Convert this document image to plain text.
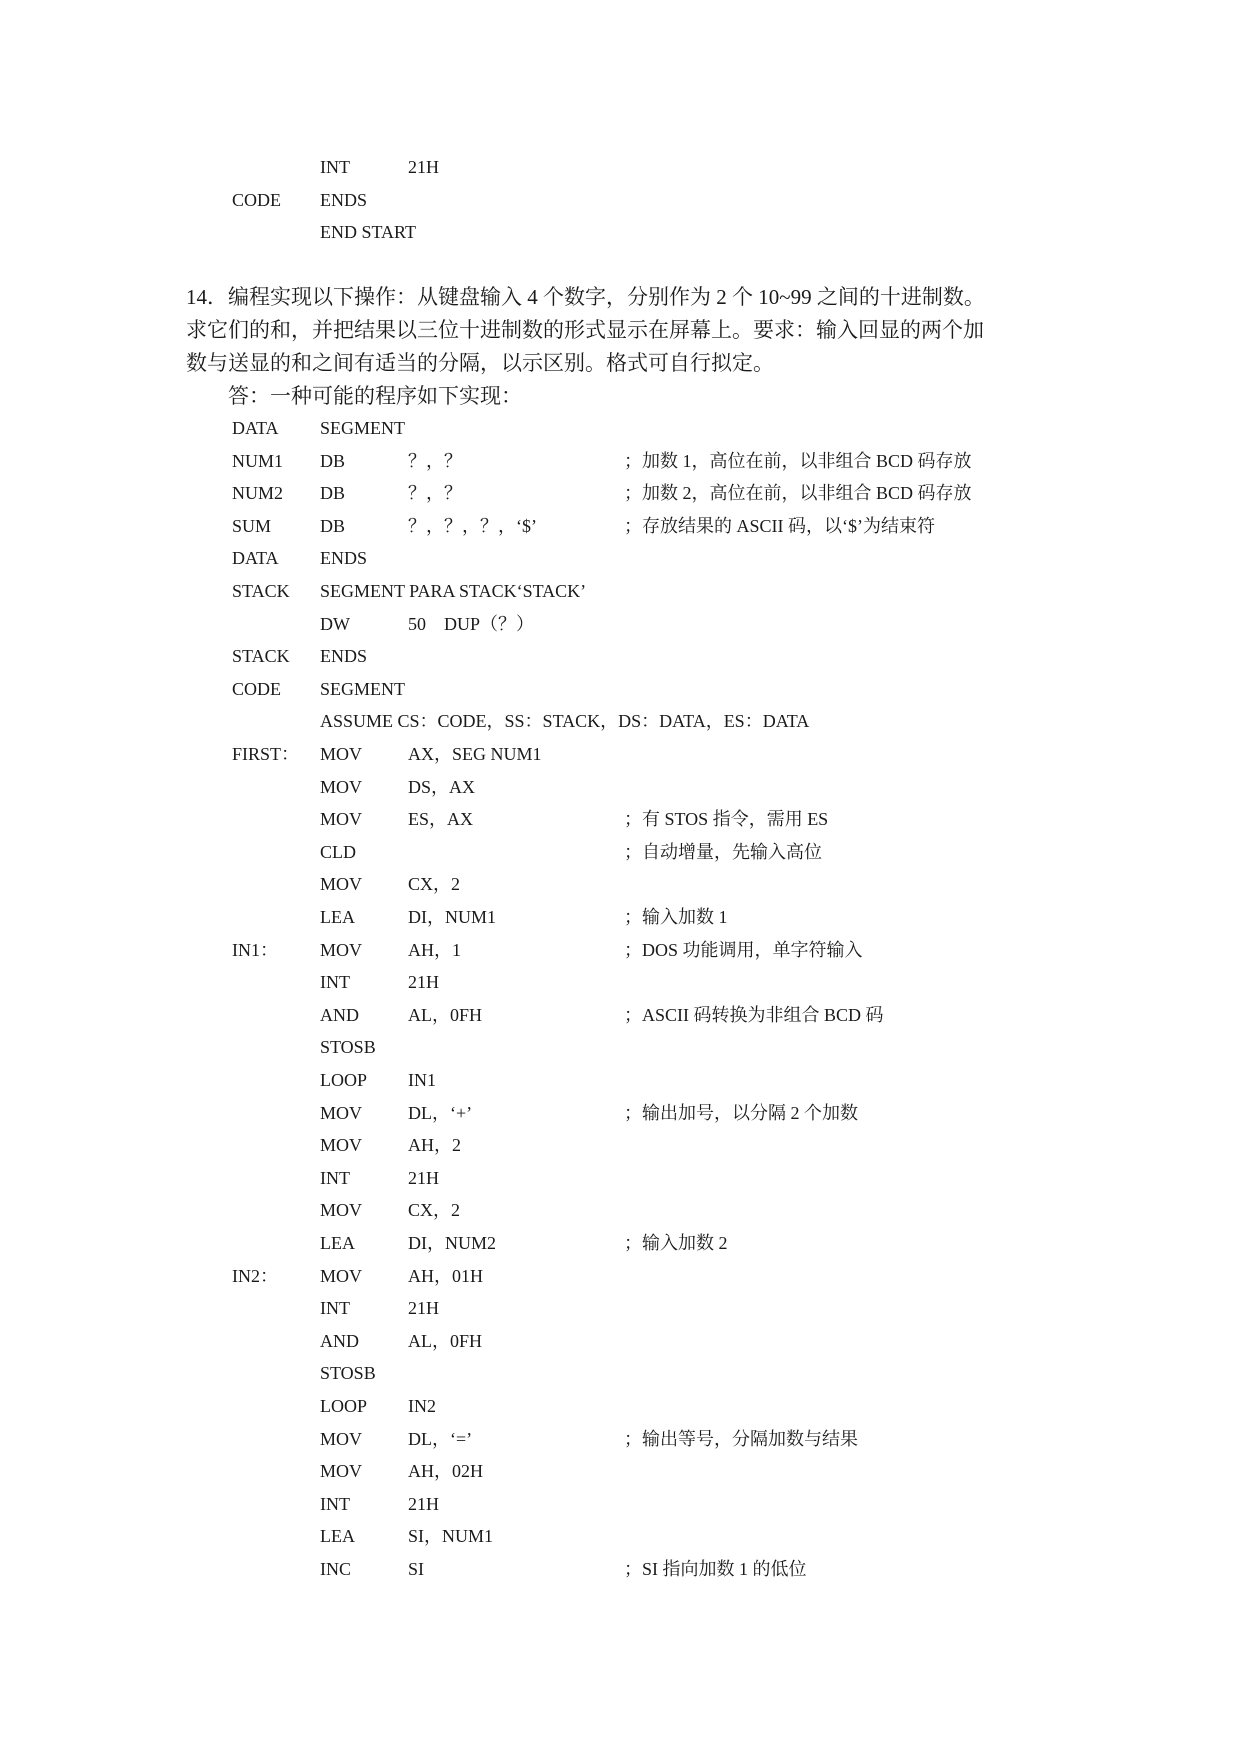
INT	21H
CODE ENDS
END START
14．编程实现以下操作：从键盘输入 4 个数字，分别作为 2 个 10~99 之间的十进制数。
求它们的和，并把结果以三位十进制数的形式显示在屏幕上。要求：输入回显的两个加
数与送显的和之间有适当的分隔，以示区别。格式可自行拟定。
答：一种可能的程序如下实现：
DATA SEGMENT
NUM1 DB	？，？	；加数 1，高位在前，以非组合 BCD 码存放
NUM2 DB	？，？	；加数 2，高位在前，以非组合 BCD 码存放
SUM	DB	？，？，？，‘$’	；存放结果的 ASCII 码，以‘$’为结束符
DATA ENDS
STACK SEGMENT PARA STACK‘STACK’
DW	50　DUP（？）
STACK ENDS
CODE SEGMENT
ASSUME CS：CODE，SS：STACK，DS：DATA，ES：DATA
FIRST： MOV	AX，SEG NUM1
MOV	DS，AX
MOV	ES，AX	；有 STOS 指令，需用 ES
CLD	；自动增量，先输入高位
MOV	CX，2
LEA	DI，NUM1	；输入加数 1
IN1： MOV	AH，1	；DOS 功能调用，单字符输入
INT	21H
AND	AL，0FH	；ASCII 码转换为非组合 BCD 码
STOSB
LOOP IN1
MOV	DL，‘+’	；输出加号，以分隔 2 个加数
MOV	AH，2
INT	21H
MOV	CX，2
LEA	DI，NUM2	；输入加数 2
IN2： MOV	AH，01H
INT	21H
AND	AL，0FH
STOSB
LOOP IN2
MOV	DL，‘=’	；输出等号，分隔加数与结果
MOV	AH，02H
INT	21H
LEA	SI，NUM1
INC	SI	；SI 指向加数 1 的低位
